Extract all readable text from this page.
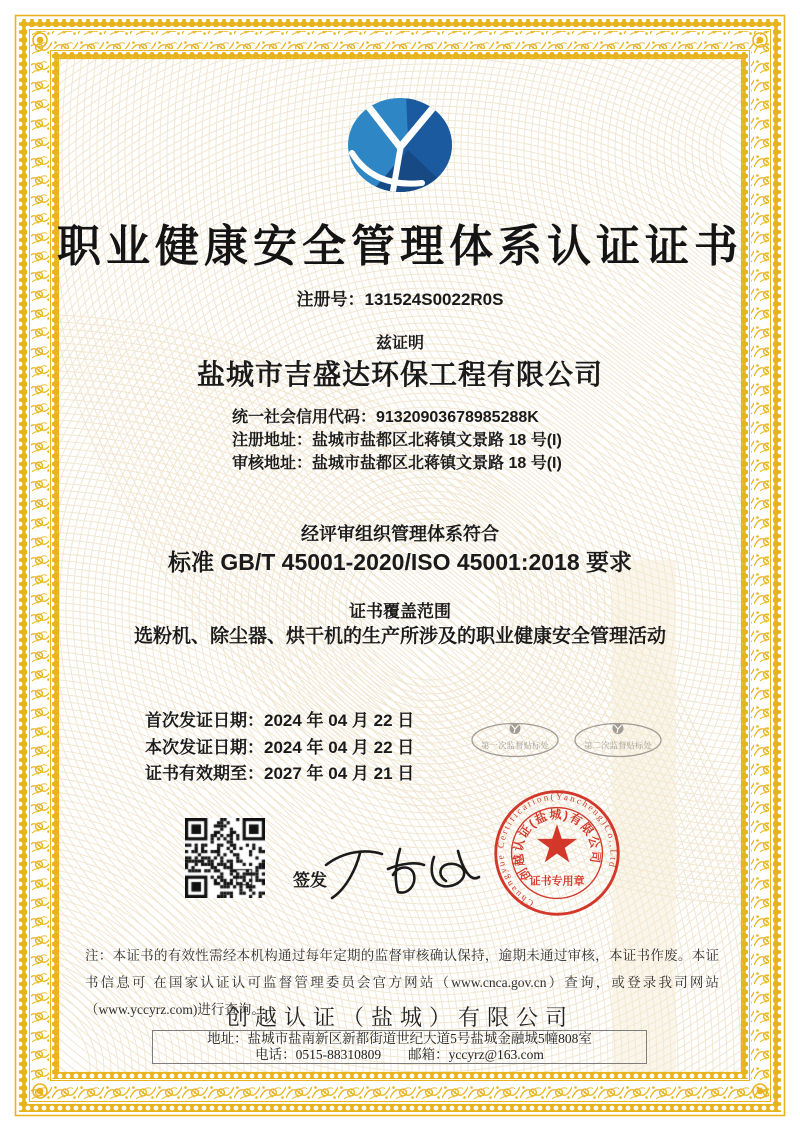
职业健康安全管理体系认证证书
注册号：131524S0022R0S
兹证明
盐城市吉盛达环保工程有限公司
统一社会信用代码：91320903678985288K
注册地址：盐城市盐都区北蒋镇文景路 18 号(I)
审核地址：盐城市盐都区北蒋镇文景路 18 号(I)
经评审组织管理体系符合
标准 GB/T 45001-2020/ISO 45001:2018 要求
证书覆盖范围
选粉机、除尘器、烘干机的生产所涉及的职业健康安全管理活动
首次发证日期：2024 年 04 月 22 日
本次发证日期：2024 年 04 月 22 日
证书有效期至：2027 年 04 月 21 日
第一次监督贴标处	第二次监督贴标处
签发
Chuangyue Certification(Yancheng)Co.,Ltd
创越认证(盐城)有限公司
证书专用章
注：本证书的有效性需经本机构通过每年定期的监督审核确认保持，逾期未通过审核，本证书作废。本证书信息可 在国家认证认可监督管理委员会官方网站（www.cnca.gov.cn）查询，或登录我司网站（www.yccyrz.com)进行查询。
创越认证（盐城）有限公司
地址：盐城市盐南新区新都街道世纪大道5号盐城金融城5幢808室
电话：0515-88310809　　邮箱：yccyrz@163.com
